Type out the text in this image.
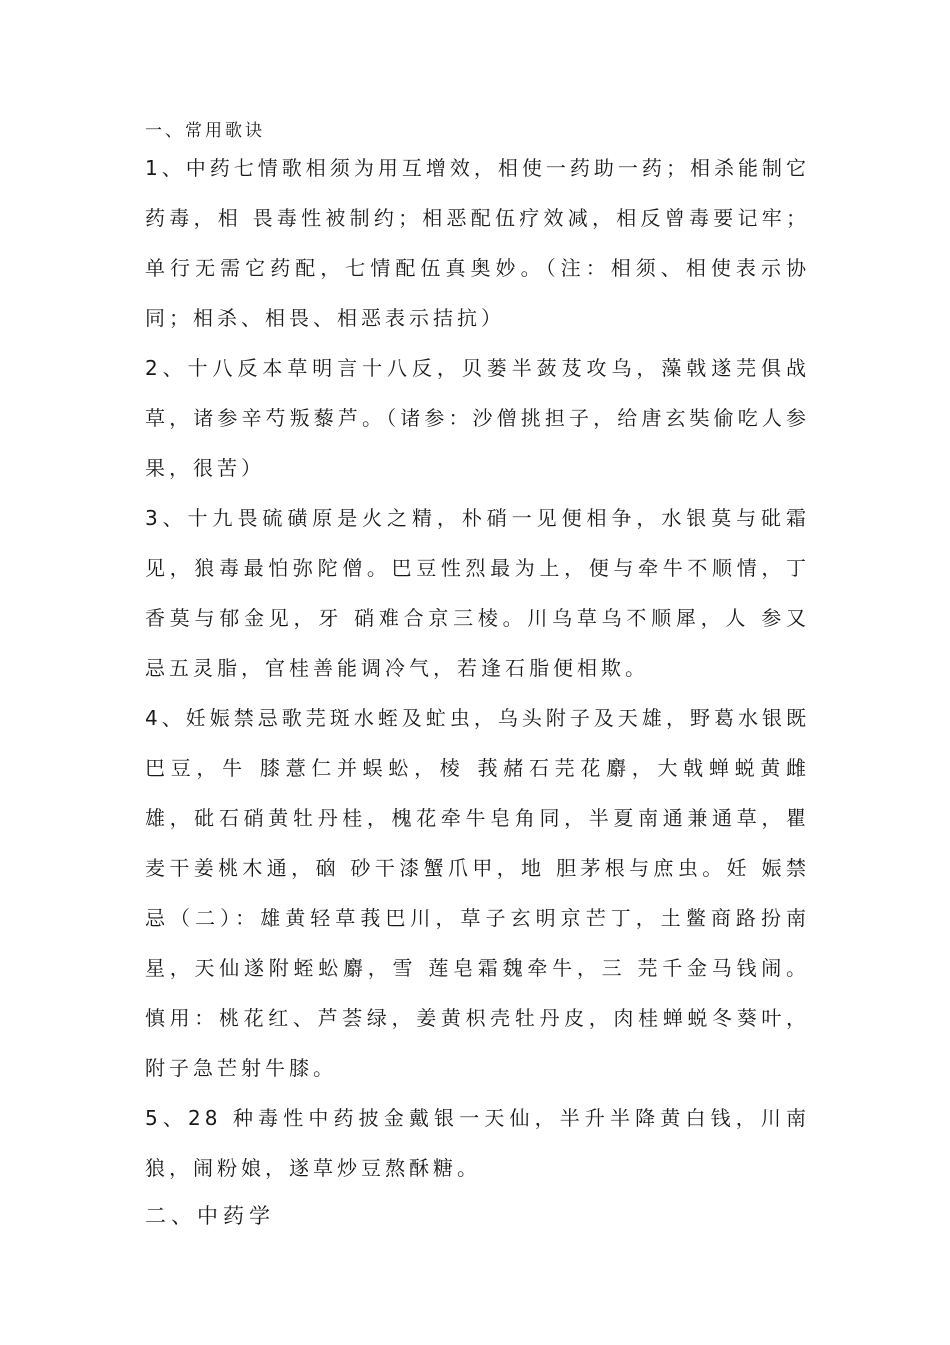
一、常用歌诀

1、中药七情歌相须为用互增效，相使一药助一药；相杀能制它药毒，相 畏毒性被制约；相恶配伍疗效减，相反曾毒要记牢；单行无需它药配，七情配伍真奥妙。（注：相须、相使表示协同；相杀、相畏、相恶表示拮抗）

2、十八反本草明言十八反，贝蒌半蔹芨攻乌，藻戟遂芫俱战草，诸参辛芍叛藜芦。（诸参：沙僧挑担子，给唐玄奘偷吃人参果，很苦）

3、十九畏硫磺原是火之精，朴硝一见便相争，水银莫与砒霜见，狼毒最怕弥陀僧。巴豆性烈最为上，便与牵牛不顺情，丁香莫与郁金见，牙 硝难合京三棱。川乌草乌不顺犀，人 参又忌五灵脂，官桂善能调冷气，若逢石脂便相欺。

4、妊娠禁忌歌芫斑水蛭及虻虫，乌头附子及天雄，野葛水银既巴豆，牛 膝薏仁并蜈蚣，棱 莪赭石芫花麝，大戟蝉蜕黄雌雄，砒石硝黄牡丹桂，槐花牵牛皂角同，半夏南通兼通草，瞿麦干姜桃木通，硇 砂干漆蟹爪甲，地 胆茅根与庶虫。妊 娠禁忌（二）：雄黄轻草莪巴川，草子玄明京芒丁，土鳖商路扮南星，天仙遂附蛭蚣麝，雪 莲皂霜魏牵牛，三 芫千金马钱闹。慎用：桃花红、芦荟绿，姜黄枳壳牡丹皮，肉桂蝉蜕冬葵叶，附子急芒射牛膝。

5、28 种毒性中药披金戴银一天仙，半升半降黄白钱，川南狼，闹粉娘，遂草炒豆熬酥糖。

二、中药学
